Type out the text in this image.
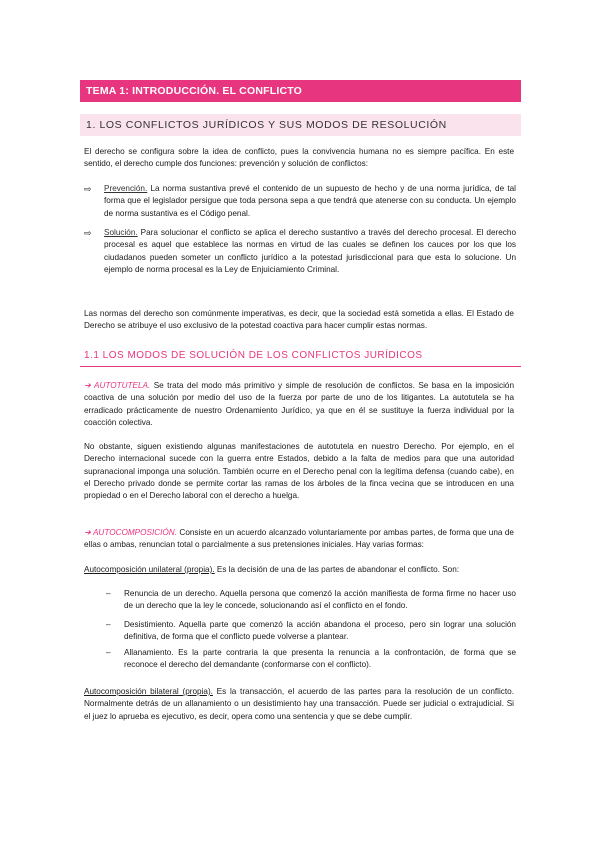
TEMA 1: INTRODUCCIÓN. EL CONFLICTO
1. LOS CONFLICTOS JURÍDICOS Y SUS MODOS DE RESOLUCIÓN

El derecho se configura sobre la idea de conflicto, pues la convivencia humana no es siempre pacífica. En este sentido, el derecho cumple dos funciones: prevención y solución de conflictos:

⇨ Prevención. La norma sustantiva prevé el contenido de un supuesto de hecho y de una norma jurídica, de tal forma que el legislador persigue que toda persona sepa a que tendrá que atenerse con su conducta. Un ejemplo de norma sustantiva es el Código penal.
⇨ Solución. Para solucionar el conflicto se aplica el derecho sustantivo a través del derecho procesal. El derecho procesal es aquel que establece las normas en virtud de las cuales se definen los cauces por los que los ciudadanos pueden someter un conflicto jurídico a la potestad jurisdiccional para que esta lo solucione. Un ejemplo de norma procesal es la Ley de Enjuiciamiento Criminal.

Las normas del derecho son comúnmente imperativas, es decir, que la sociedad está sometida a ellas. El Estado de Derecho se atribuye el uso exclusivo de la potestad coactiva para hacer cumplir estas normas.

1.1 LOS MODOS DE SOLUCIÓN DE LOS CONFLICTOS JURÍDICOS

➔ AUTOTUTELA. Se trata del modo más primitivo y simple de resolución de conflictos. Se basa en la imposición coactiva de una solución por medio del uso de la fuerza por parte de uno de los litigantes. La autotutela se ha erradicado prácticamente de nuestro Ordenamiento Jurídico, ya que en él se sustituye la fuerza individual por la coacción colectiva.

No obstante, siguen existiendo algunas manifestaciones de autotutela en nuestro Derecho. Por ejemplo, en el Derecho internacional sucede con la guerra entre Estados, debido a la falta de medios para que una autoridad supranacional imponga una solución. También ocurre en el Derecho penal con la legítima defensa (cuando cabe), en el Derecho privado donde se permite cortar las ramas de los árboles de la finca vecina que se introducen en una propiedad o en el Derecho laboral con el derecho a huelga.

➔ AUTOCOMPOSICIÓN. Consiste en un acuerdo alcanzado voluntariamente por ambas partes, de forma que una de ellas o ambas, renuncian total o parcialmente a sus pretensiones iniciales. Hay varias formas:

Autocomposición unilateral (propia). Es la decisión de una de las partes de abandonar el conflicto. Son:

– Renuncia de un derecho. Aquella persona que comenzó la acción manifiesta de forma firme no hacer uso de un derecho que la ley le concede, solucionando así el conflicto en el fondo.
– Desistimiento. Aquella parte que comenzó la acción abandona el proceso, pero sin lograr una solución definitiva, de forma que el conflicto puede volverse a plantear.
– Allanamiento. Es la parte contraria la que presenta la renuncia a la confrontación, de forma que se reconoce el derecho del demandante (conformarse con el conflicto).

Autocomposición bilateral (propia). Es la transacción, el acuerdo de las partes para la resolución de un conflicto. Normalmente detrás de un allanamiento o un desistimiento hay una transacción. Puede ser judicial o extrajudicial. Si el juez lo aprueba es ejecutivo, es decir, opera como una sentencia y que se debe cumplir.
